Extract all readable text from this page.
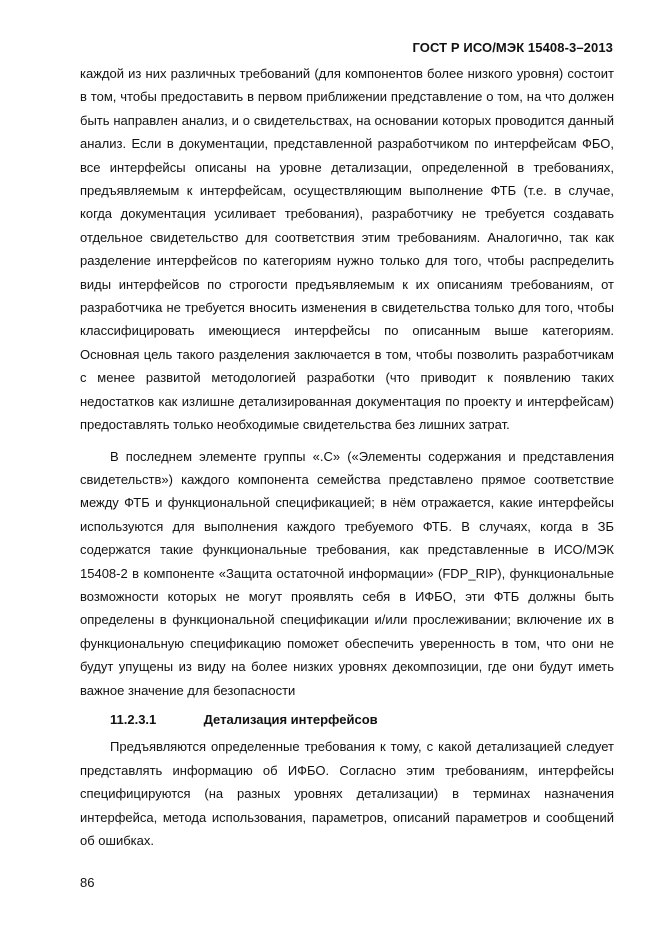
ГОСТ Р ИСО/МЭК 15408-3–2013

каждой из них различных требований (для компонентов более низкого уровня) состоит в том, чтобы предоставить в первом приближении представление о том, на что должен быть направлен анализ, и о свидетельствах, на основании которых проводится данный анализ. Если в документации, представленной разработчиком по интерфейсам ФБО, все интерфейсы описаны на уровне детализации, определенной в требованиях, предъявляемым к интерфейсам, осуществляющим выполнение ФТБ (т.е. в случае, когда документация усиливает требования), разработчику не требуется создавать отдельное свидетельство для соответствия этим требованиям. Аналогично, так как разделение интерфейсов по категориям нужно только для того, чтобы распределить виды интерфейсов по строгости предъявляемым к их описаниям требованиям, от разработчика не требуется вносить изменения в свидетельства только для того, чтобы классифицировать имеющиеся интерфейсы по описанным выше категориям. Основная цель такого разделения заключается в том, чтобы позволить разработчикам с менее развитой методологией разработки (что приводит к появлению таких недостатков как излишне детализированная документация по проекту и интерфейсам) предоставлять только необходимые свидетельства без лишних затрат.

В последнем элементе группы «.С» («Элементы содержания и представления свидетельств») каждого компонента семейства представлено прямое соответствие между ФТБ и функциональной спецификацией; в нём отражается, какие интерфейсы используются для выполнения каждого требуемого ФТБ. В случаях, когда в ЗБ содержатся такие функциональные требования, как представленные в ИСО/МЭК 15408-2 в компоненте «Защита остаточной информации» (FDP_RIP), функциональные возможности которых не могут проявлять себя в ИФБО, эти ФТБ должны быть определены в функциональной спецификации и/или прослеживании; включение их в функциональную спецификацию поможет обеспечить уверенность в том, что они не будут упущены из виду на более низких уровнях декомпозиции, где они будут иметь важное значение для безопасности

11.2.3.1	Детализация интерфейсов

Предъявляются определенные требования к тому, с какой детализацией следует представлять информацию об ИФБО. Согласно этим требованиям, интерфейсы специфицируются (на разных уровнях детализации) в терминах назначения интерфейса, метода использования, параметров, описаний параметров и сообщений об ошибках.

86
